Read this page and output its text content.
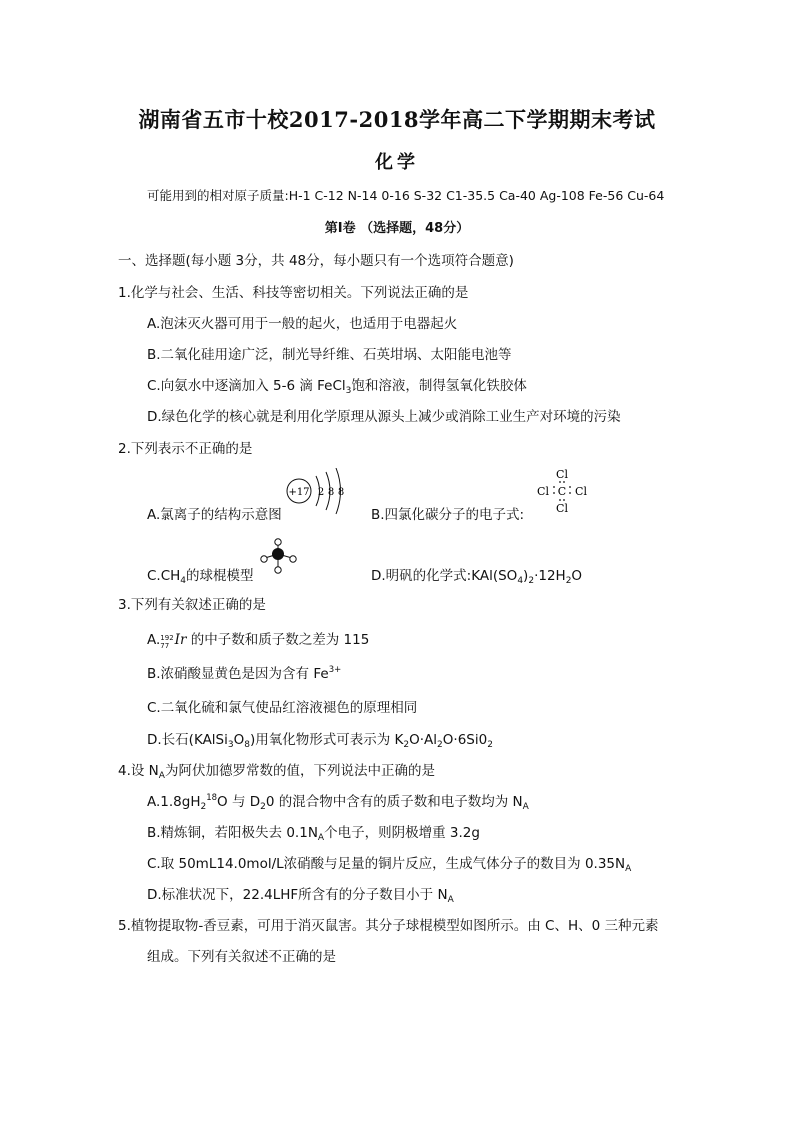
湖南省五市十校2017-2018学年高二下学期期末考试
化学
可能用到的相对原子质量:H-1 C-12 N-14 0-16 S-32 C1-35.5 Ca-40 Ag-108 Fe-56 Cu-64
第Ⅰ卷 （选择题，48分）
一、选择题(每小题 3分，共 48分，每小题只有一个选项符合题意)
1.化学与社会、生活、科技等密切相关。下列说法正确的是
A.泡沫灭火器可用于一般的起火，也适用于电器起火
B.二氧化硅用途广泛，制光导纤维、石英坩埚、太阳能电池等
C.向氨水中逐滴加入 5-6 滴 FeCl$_3$饱和溶液，制得氢氧化铁胶体
D.绿色化学的核心就是利用化学原理从源头上减少或消除工业生产对环境的污染
2.下列表示不正确的是
+17 2 8 8
A.氯离子的结构示意图
Cl
Cl C Cl
Cl
B.四氯化碳分子的电子式:
$C.CH_4$的球棍模型	D.明矾的化学式$:KAl(SO_4)_2\cdot 12H_2O$
3.下列有关叙述正确的是
A. 192
77 Ir 的中子数和质子数之差为 115
B.浓硝酸显黄色是因为含有 $Fe^{3+}$
C.二氧化硫和氯气使品红溶液褪色的原理相同
D.长石$(KAlSi_3O_8)$用氧化物形式可表示为 $K_2O\cdot Al_2O\cdot 6Si0_2$
4.设 $N_A$为阿伏加德罗常数的值，下列说法中正确的是
$A.1.8gH_2^{18}O$ 与 $D_20$ 的混合物中含有的质子数和电子数均为 $N_A$
B.精炼铜，若阳极失去 $0.1N_A$个电子，则阴极增重 3.2g
C.取 50mL14.0mol/L浓硝酸与足量的铜片反应，生成气体分子的数目为 $0.35N_A$
D.标准状况下，22.4LHF所含有的分子数目小于 $N_A$
5.植物提取物-香豆素，可用于消灭鼠害。其分子球棍模型如图所示。由 C、H、0 三种元素
组成。下列有关叙述不正确的是
